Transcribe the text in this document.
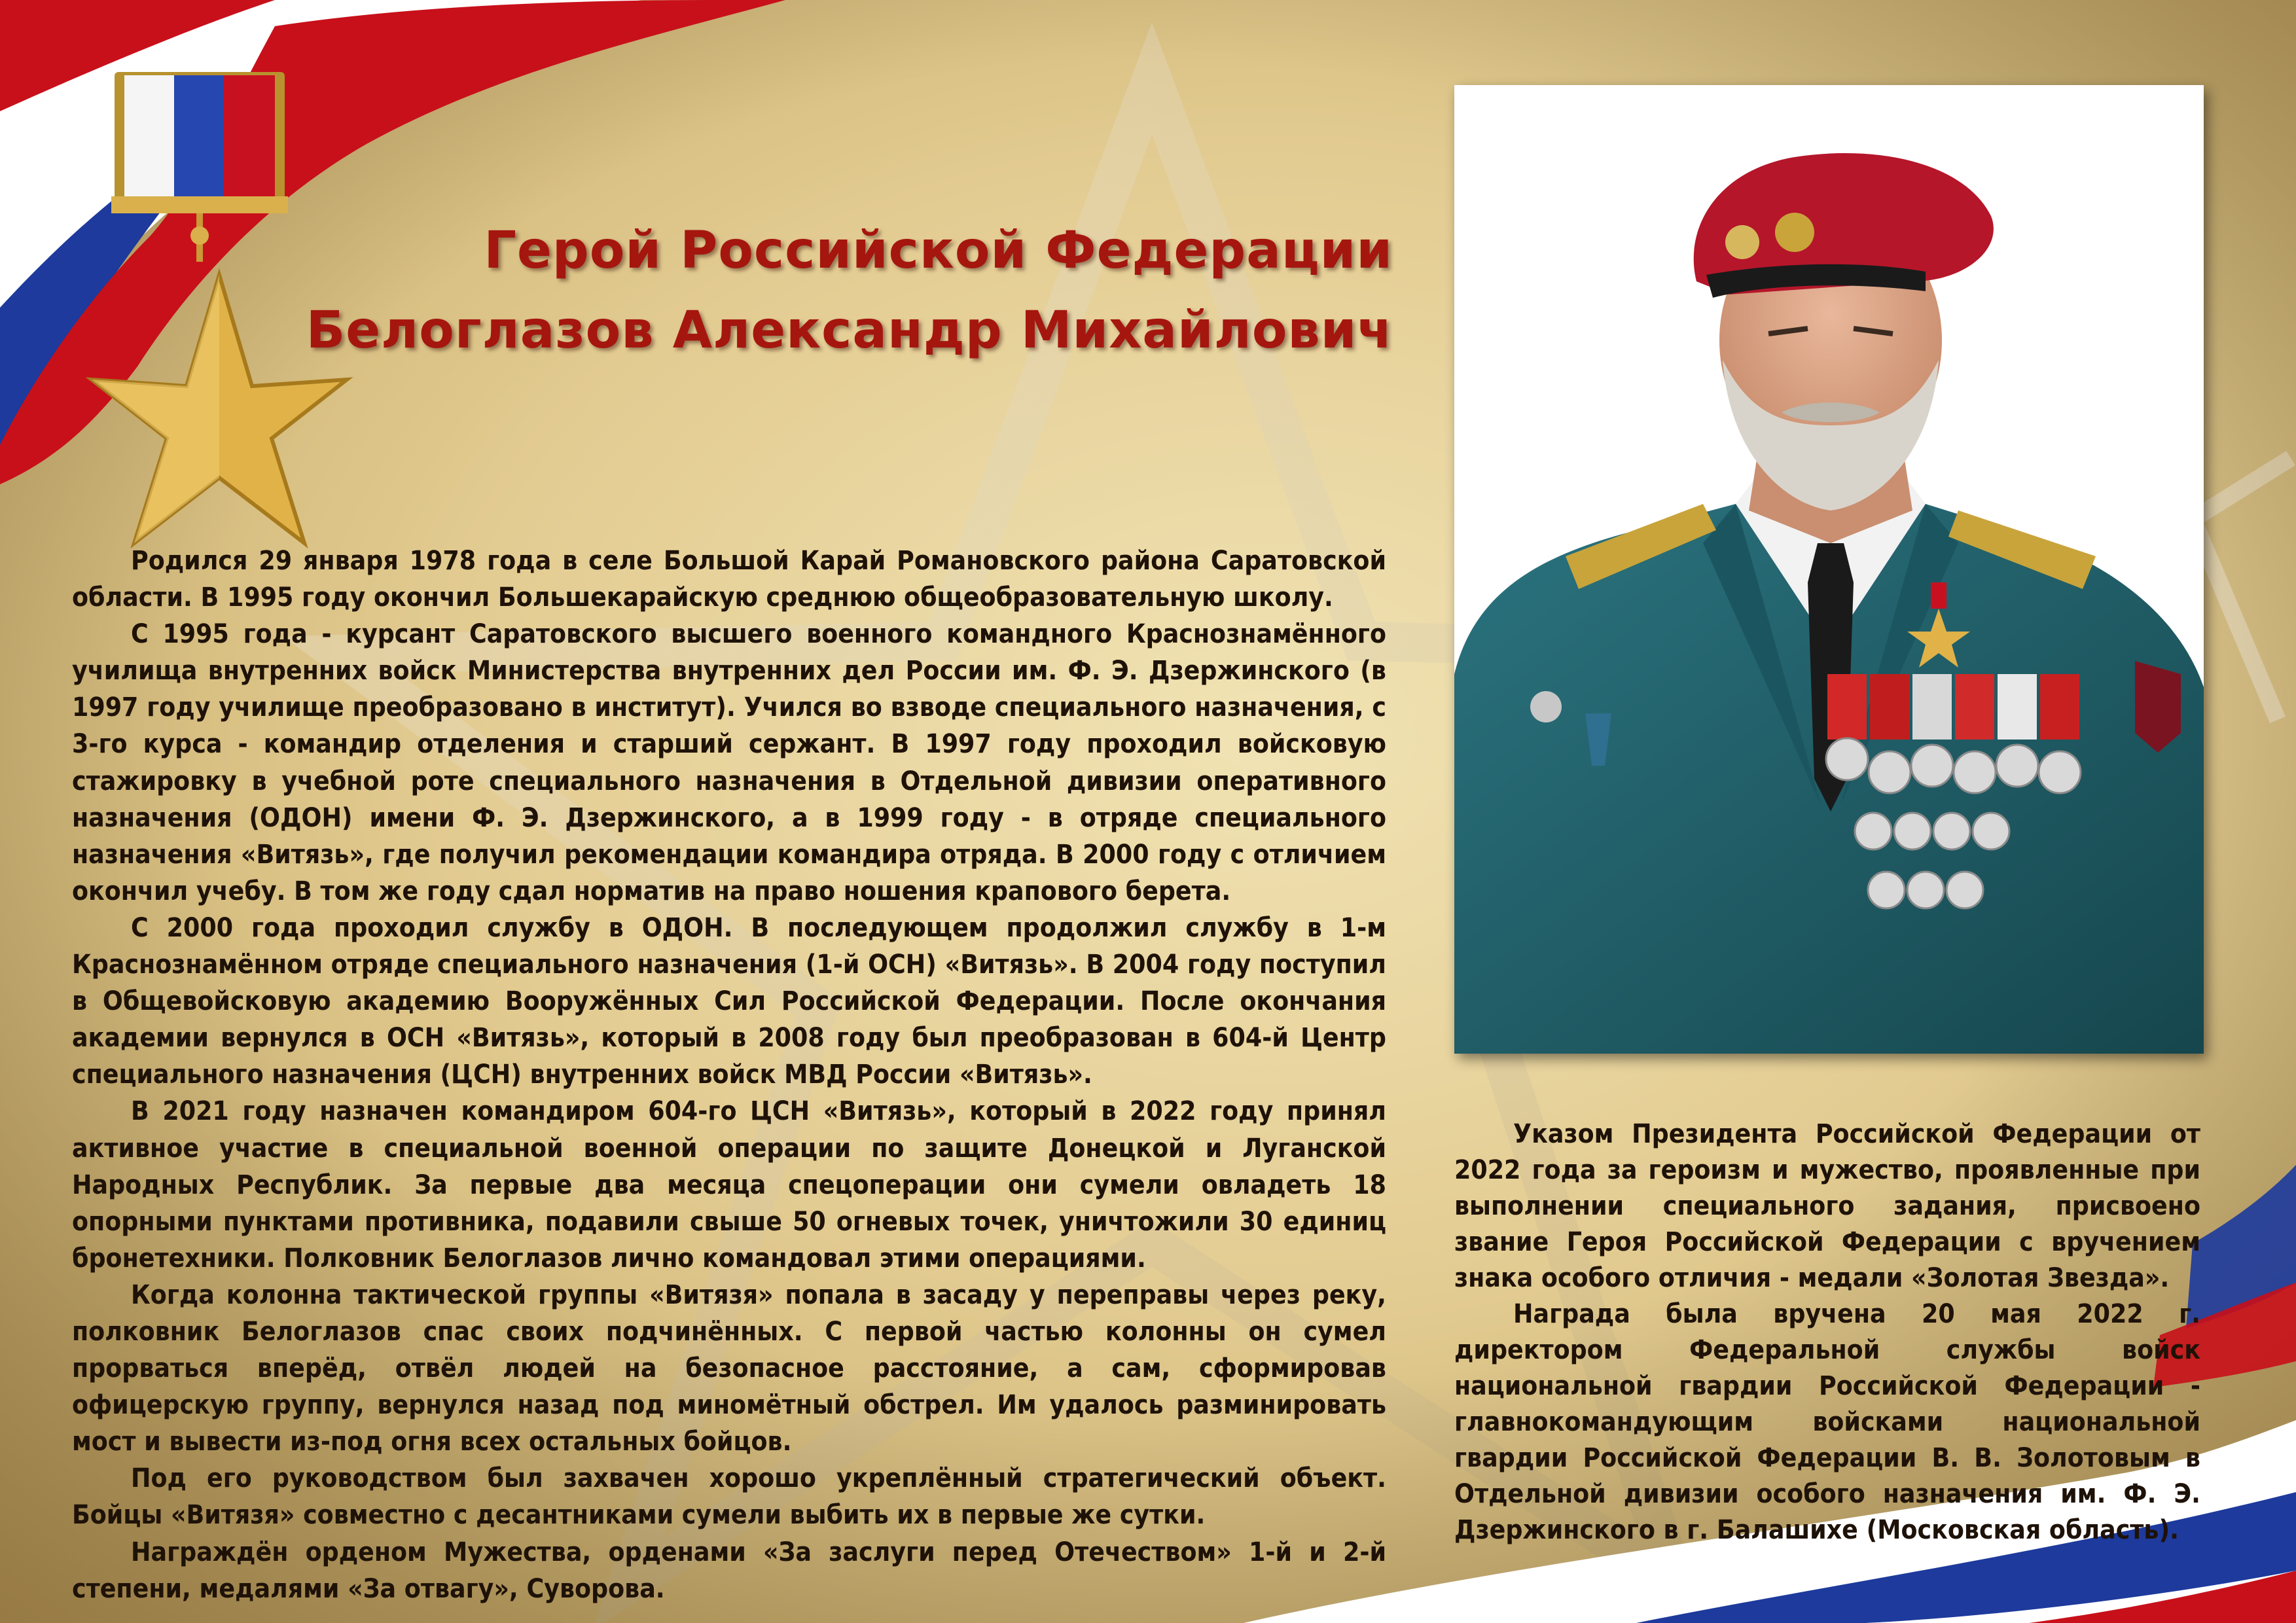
Герой Российской Федерации
Белоглазов Александр Михайлович

Родился 29 января 1978 года в селе Большой Карай Романовского района Саратовской области. В 1995 году окончил Большекарайскую среднюю общеобразовательную школу.

С 1995 года - курсант Саратовского высшего военного командного Краснознамённого училища внутренних войск Министерства внутренних дел России им. Ф. Э. Дзержинского (в 1997 году училище преобразовано в институт). Учился во взводе специального назначения, с 3-го курса - командир отделения и старший сержант. В 1997 году проходил войсковую стажировку в учебной роте специального назначения в Отдельной дивизии оперативного назначения (ОДОН) имени Ф. Э. Дзержинского, а в 1999 году - в отряде специального назначения «Витязь», где получил рекомендации командира отряда. В 2000 году с отличием окончил учебу. В том же году сдал норматив на право ношения крапового берета.

С 2000 года проходил службу в ОДОН. В последующем продолжил службу в 1-м Краснознамённом отряде специального назначения (1-й ОСН) «Витязь». В 2004 году поступил в Общевойсковую академию Вооружённых Сил Российской Федерации. После окончания академии вернулся в ОСН «Витязь», который в 2008 году был преобразован в 604-й Центр специального назначения (ЦСН) внутренних войск МВД России «Витязь».

В 2021 году назначен командиром 604-го ЦСН «Витязь», который в 2022 году принял активное участие в специальной военной операции по защите Донецкой и Луганской Народных Республик. За первые два месяца спецоперации они сумели овладеть 18 опорными пунктами противника, подавили свыше 50 огневых точек, уничтожили 30 единиц бронетехники. Полковник Белоглазов лично командовал этими операциями.

Когда колонна тактической группы «Витязя» попала в засаду у переправы через реку, полковник Белоглазов спас своих подчинённых. С первой частью колонны он сумел прорваться вперёд, отвёл людей на безопасное расстояние, а сам, сформировав офицерскую группу, вернулся назад под миномётный обстрел. Им удалось разминировать мост и вывести из-под огня всех остальных бойцов.

Под его руководством был захвачен хорошо укреплённый стратегический объект. Бойцы «Витязя» совместно с десантниками сумели выбить их в первые же сутки.

Награждён орденом Мужества, орденами «За заслуги перед Отечеством» 1-й и 2-й степени, медалями «За отвагу», Суворова.

Указом Президента Российской Федерации от 2022 года за героизм и мужество, проявленные при выполнении специального задания, присвоено звание Героя Российской Федерации с вручением знака особого отличия - медали «Золотая Звезда».

Награда была вручена 20 мая 2022 г. директором Федеральной службы войск национальной гвардии Российской Федерации - главнокомандующим войсками национальной гвардии Российской Федерации В. В. Золотовым в Отдельной дивизии особого назначения им. Ф. Э. Дзержинского в г. Балашихе (Московская область).
